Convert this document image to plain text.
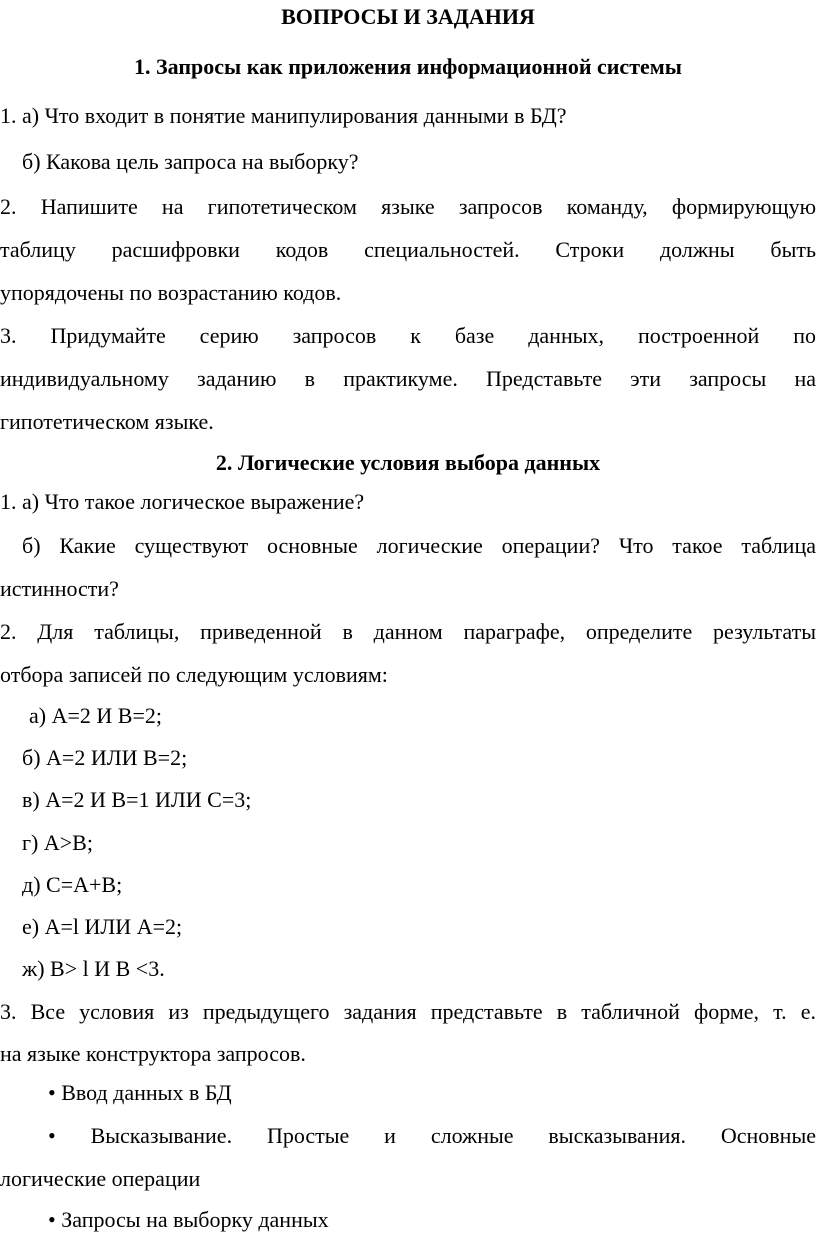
ВОПРОСЫ И ЗАДАНИЯ
1. Запросы как приложения информационной системы
1. а) Что входит в понятие манипулирования данными в БД?
б) Какова цель запроса на выборку?
2. Напишите на гипотетическом языке запросов команду, формирующую
таблицу расшифровки кодов специальностей. Строки должны быть
упорядочены по возрастанию кодов.
3. Придумайте серию запросов к базе данных, построенной по
индивидуальному заданию в практикуме. Представьте эти запросы на
гипотетическом языке.
2. Логические условия выбора данных
1. а) Что такое логическое выражение?
б) Какие существуют основные логические операции? Что такое таблица
истинности?
2. Для таблицы, приведенной в данном параграфе, определите результаты
отбора записей по следующим условиям:
а) А=2 И В=2;
б) А=2 ИЛИ В=2;
в) А=2 И В=1 ИЛИ С=3;
г) А>В;
д) С=А+В;
е) А=l ИЛИ А=2;
ж) В> l И В <3.
3. Все условия из предыдущего задания представьте в табличной форме, т. е.
на языке конструктора запросов.
• Ввод данных в БД
• Высказывание. Простые и сложные высказывания. Основные
логические операции
• Запросы на выборку данных
